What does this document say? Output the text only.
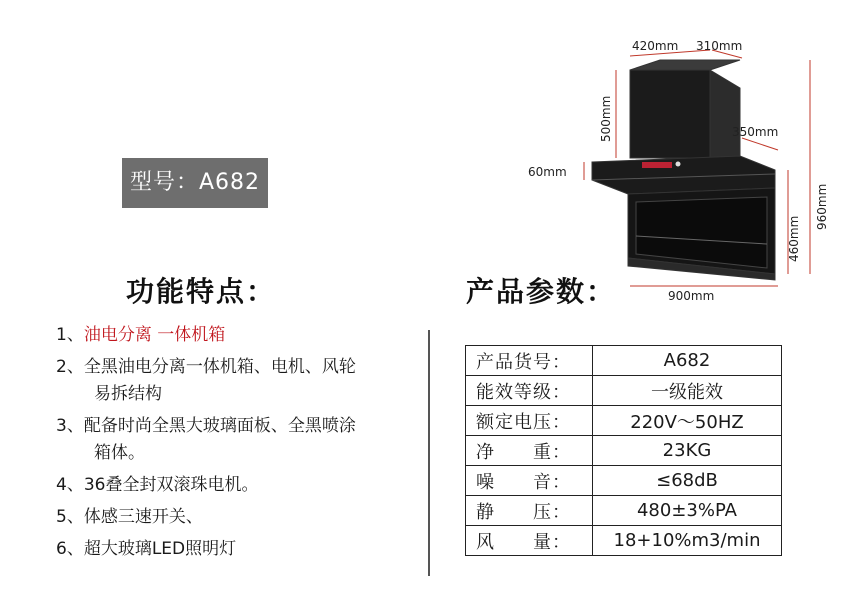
型号：A682
功能特点：	产品参数：
1、油电分离 一体机箱
2、全黑油电分离一体机箱、电机、风轮
易拆结构
3、配备时尚全黑大玻璃面板、全黑喷涂
箱体。
4、36叠全封双滚珠电机。
5、体感三速开关、
6、超大玻璃LED照明灯
产品货号：	A682
能效等级：	一级能效
额定电压：	220V～50HZ
净　　重：	23KG
噪　　音：	≤68dB
静　　压：	480±3%PA
风　　量：	18+10%m3/min
420mm 310mm
500mm	350mm
60mm
460mm
960mm
900mm
